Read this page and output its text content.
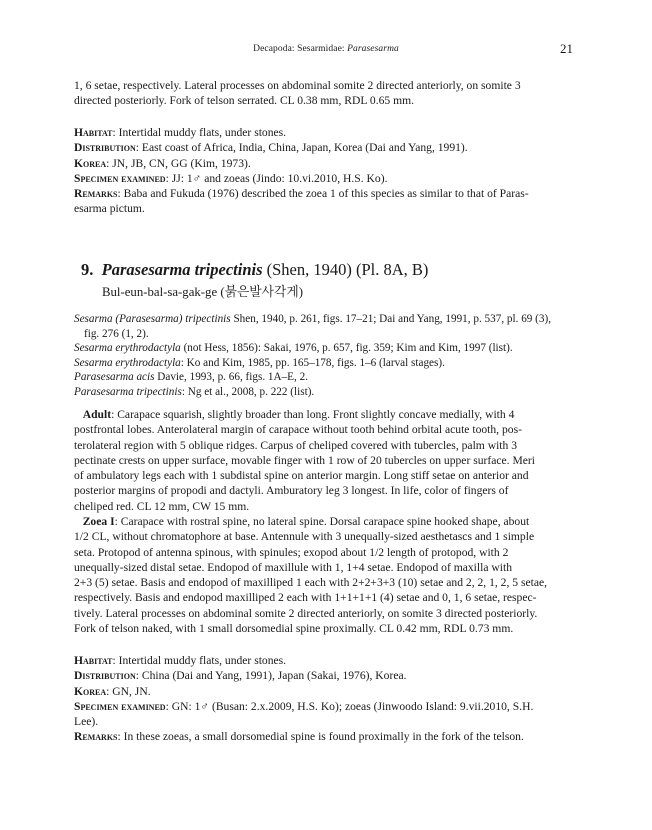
Decapoda: Sesarmidae: Parasesarma	21

1, 6 setae, respectively. Lateral processes on abdominal somite 2 directed anteriorly, on somite 3

directed posteriorly. Fork of telson serrated. CL 0.38 mm, RDL 0.65 mm.

Habitat: Intertidal muddy flats, under stones.

Distribution: East coast of Africa, India, China, Japan, Korea (Dai and Yang, 1991).

Korea: JN, JB, CN, GG (Kim, 1973).

Specimen examined: JJ: 1♂ and zoeas (Jindo: 10.vi.2010, H.S. Ko).

Remarks: Baba and Fukuda (1976) described the zoea 1 of this species as similar to that of Paras-

esarma pictum.

9. Parasesarma tripectinis (Shen, 1940) (Pl. 8A, B)
Bul-eun-bal-sa-gak-ge (붉은발사각게)

Sesarma (Parasesarma) tripectinis Shen, 1940, p. 261, figs. 17–21; Dai and Yang, 1991, p. 537, pl. 69 (3),

fig. 276 (1, 2).

Sesarma erythrodactyla (not Hess, 1856): Sakai, 1976, p. 657, fig. 359; Kim and Kim, 1997 (list).

Sesarma erythrodactyla: Ko and Kim, 1985, pp. 165–178, figs. 1–6 (larval stages).

Parasesarma acis Davie, 1993, p. 66, figs. 1A–E, 2.

Parasesarma tripectinis: Ng et al., 2008, p. 222 (list).

Adult: Carapace squarish, slightly broader than long. Front slightly concave medially, with 4

postfrontal lobes. Anterolateral margin of carapace without tooth behind orbital acute tooth, pos-

terolateral region with 5 oblique ridges. Carpus of cheliped covered with tubercles, palm with 3

pectinate crests on upper surface, movable finger with 1 row of 20 tubercles on upper surface. Meri

of ambulatory legs each with 1 subdistal spine on anterior margin. Long stiff setae on anterior and

posterior margins of propodi and dactyli. Amburatory leg 3 longest. In life, color of fingers of

cheliped red. CL 12 mm, CW 15 mm.

Zoea I: Carapace with rostral spine, no lateral spine. Dorsal carapace spine hooked shape, about

1/2 CL, without chromatophore at base. Antennule with 3 unequally-sized aesthetascs and 1 simple

seta. Protopod of antenna spinous, with spinules; exopod about 1/2 length of protopod, with 2

unequally-sized distal setae. Endopod of maxillule with 1, 1+4 setae. Endopod of maxilla with

2+3 (5) setae. Basis and endopod of maxilliped 1 each with 2+2+3+3 (10) setae and 2, 2, 1, 2, 5 setae,

respectively. Basis and endopod maxilliped 2 each with 1+1+1+1 (4) setae and 0, 1, 6 setae, respec-

tively. Lateral processes on abdominal somite 2 directed anteriorly, on somite 3 directed posteriorly.

Fork of telson naked, with 1 small dorsomedial spine proximally. CL 0.42 mm, RDL 0.73 mm.

Habitat: Intertidal muddy flats, under stones.

Distribution: China (Dai and Yang, 1991), Japan (Sakai, 1976), Korea.

Korea: GN, JN.

Specimen examined: GN: 1♂ (Busan: 2.x.2009, H.S. Ko); zoeas (Jinwoodo Island: 9.vii.2010, S.H.

Lee).

Remarks: In these zoeas, a small dorsomedial spine is found proximally in the fork of the telson.
